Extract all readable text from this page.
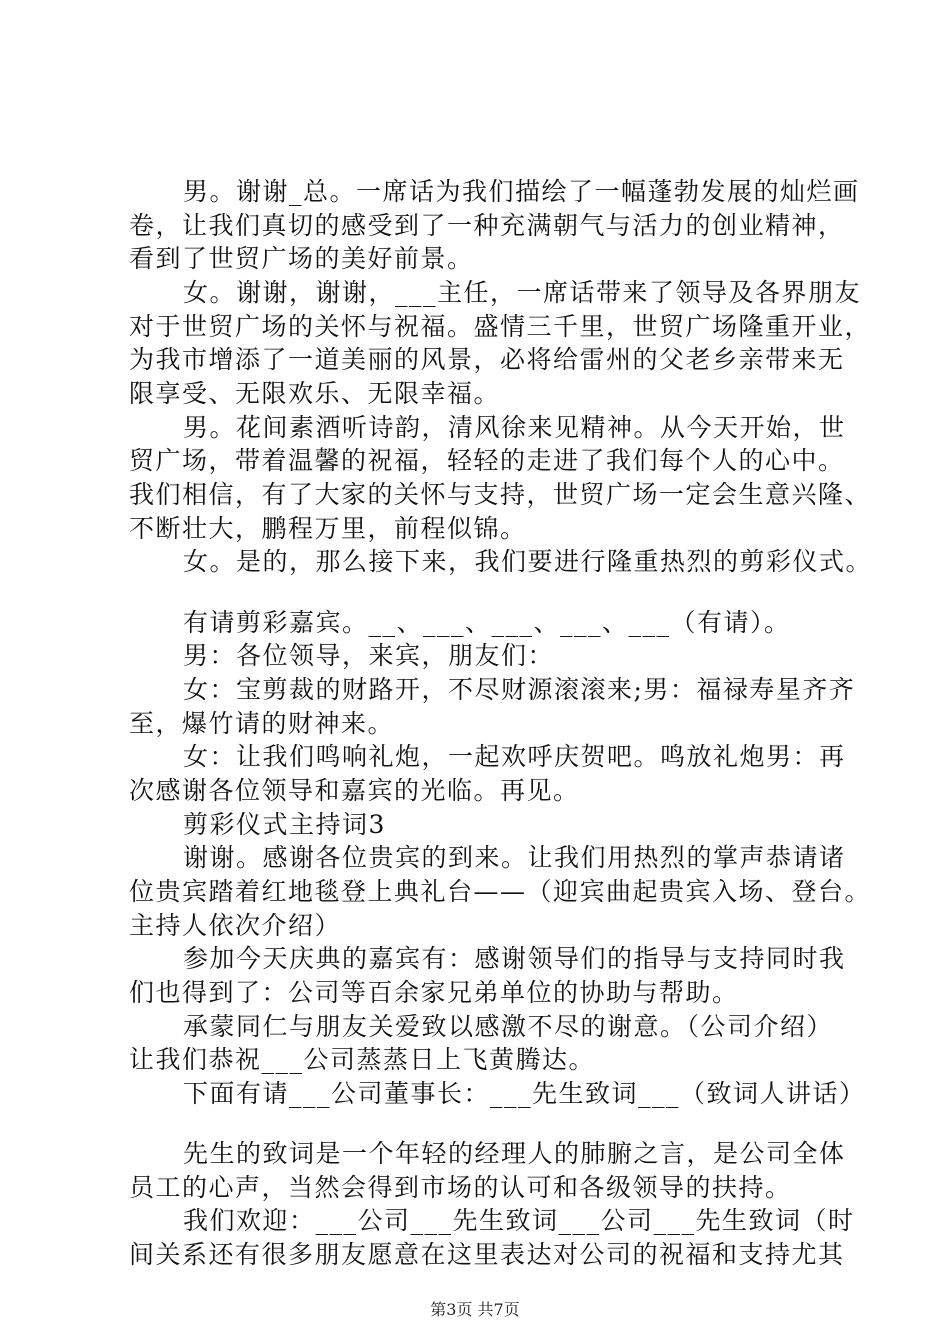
男。谢谢_总。一席话为我们描绘了一幅蓬勃发展的灿烂画
卷，让我们真切的感受到了一种充满朝气与活力的创业精神，
看到了世贸广场的美好前景。
女。谢谢，谢谢，___主任，一席话带来了领导及各界朋友
对于世贸广场的关怀与祝福。盛情三千里，世贸广场隆重开业，
为我市增添了一道美丽的风景，必将给雷州的父老乡亲带来无
限享受、无限欢乐、无限幸福。
男。花间素酒听诗韵，清风徐来见精神。从今天开始，世
贸广场，带着温馨的祝福，轻轻的走进了我们每个人的心中。
我们相信，有了大家的关怀与支持，世贸广场一定会生意兴隆、
不断壮大，鹏程万里，前程似锦。
女。是的，那么接下来，我们要进行隆重热烈的剪彩仪式。
有请剪彩嘉宾。__、___、___、___、___（有请）。
男：各位领导，来宾，朋友们：
女：宝剪裁的财路开，不尽财源滚滚来;男：福禄寿星齐齐
至，爆竹请的财神来。
女：让我们鸣响礼炮，一起欢呼庆贺吧。鸣放礼炮男：再
次感谢各位领导和嘉宾的光临。再见。
剪彩仪式主持词3
谢谢。感谢各位贵宾的到来。让我们用热烈的掌声恭请诸
位贵宾踏着红地毯登上典礼台——（迎宾曲起贵宾入场、登台。
主持人依次介绍）
参加今天庆典的嘉宾有：感谢领导们的指导与支持同时我
们也得到了：公司等百余家兄弟单位的协助与帮助。
承蒙同仁与朋友关爱致以感激不尽的谢意。（公司介绍）
让我们恭祝___公司蒸蒸日上飞黄腾达。
下面有请___公司董事长：___先生致词___（致词人讲话）
先生的致词是一个年轻的经理人的肺腑之言，是公司全体
员工的心声，当然会得到市场的认可和各级领导的扶持。
我们欢迎：___公司___先生致词___公司___先生致词（时
间关系还有很多朋友愿意在这里表达对公司的祝福和支持尤其
第3页 共7页
